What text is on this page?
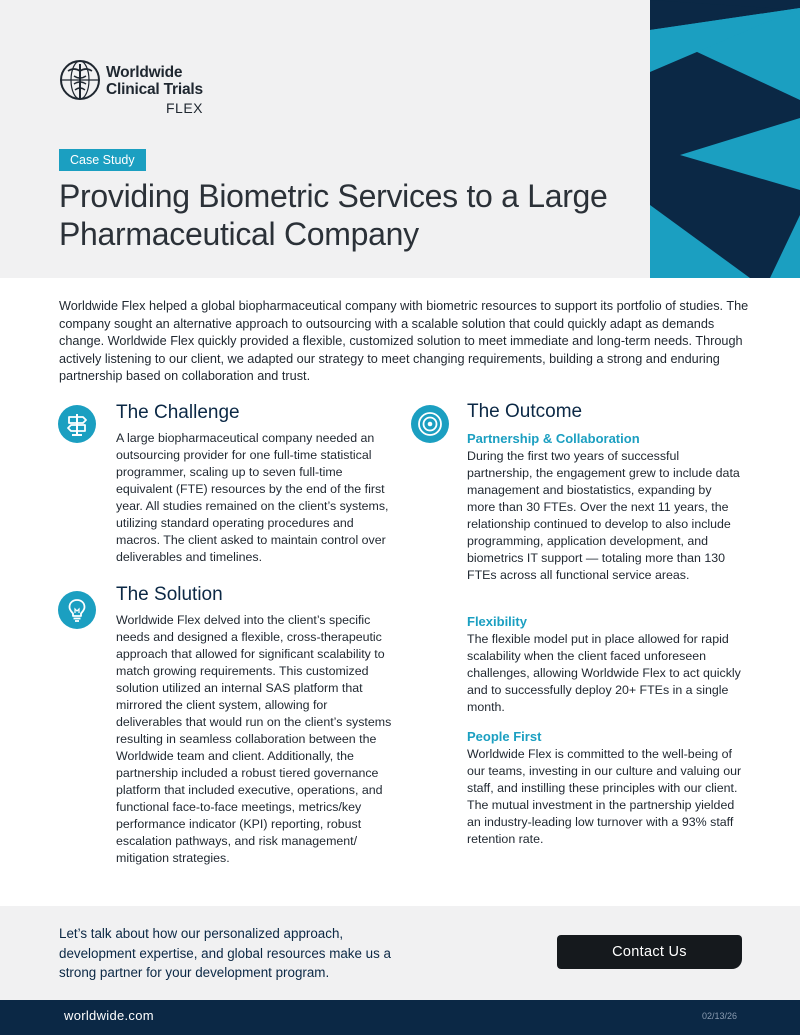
Worldwide
Clinical Trials
FLEX
Case Study
Providing Biometric Services to a Large Pharmaceutical Company

Worldwide Flex helped a global biopharmaceutical company with biometric resources to support its portfolio of studies. The company sought an alternative approach to outsourcing with a scalable solution that could quickly adapt as demands change. Worldwide Flex quickly provided a flexible, customized solution to meet immediate and long-term needs. Through actively listening to our client, we adapted our strategy to meet changing requirements, building a strong and enduring partnership based on collaboration and trust.

The Challenge

A large biopharmaceutical company needed an outsourcing provider for one full-time statistical programmer, scaling up to seven full-time equivalent (FTE) resources by the end of the first year. All studies remained on the client’s systems, utilizing standard operating procedures and macros. The client asked to maintain control over deliverables and timelines.

The Solution

Worldwide Flex delved into the client’s specific needs and designed a flexible, cross-therapeutic approach that allowed for significant scalability to match growing requirements. This customized solution utilized an internal SAS platform that mirrored the client system, allowing for deliverables that would run on the client’s systems resulting in seamless collaboration between the Worldwide team and client. Additionally, the partnership included a robust tiered governance platform that included executive, operations, and functional face-to-face meetings, metrics/key performance indicator (KPI) reporting, robust escalation pathways, and risk management/ mitigation strategies.

The Outcome
Partnership & Collaboration

During the first two years of successful partnership, the engagement grew to include data management and biostatistics, expanding by more than 30 FTEs. Over the next 11 years, the relationship continued to develop to also include programming, application development, and biometrics IT support — totaling more than 130 FTEs across all functional service areas.

Flexibility

The flexible model put in place allowed for rapid scalability when the client faced unforeseen challenges, allowing Worldwide Flex to act quickly and to successfully deploy 20+ FTEs in a single month.

People First

Worldwide Flex is committed to the well-being of our teams, investing in our culture and valuing our staff, and instilling these principles with our client. The mutual investment in the partnership yielded an industry-leading low turnover with a 93% staff retention rate.

Let’s talk about how our personalized approach, development expertise, and global resources make us a strong partner for your development program.

Contact Us
worldwide.com	02/13/26
